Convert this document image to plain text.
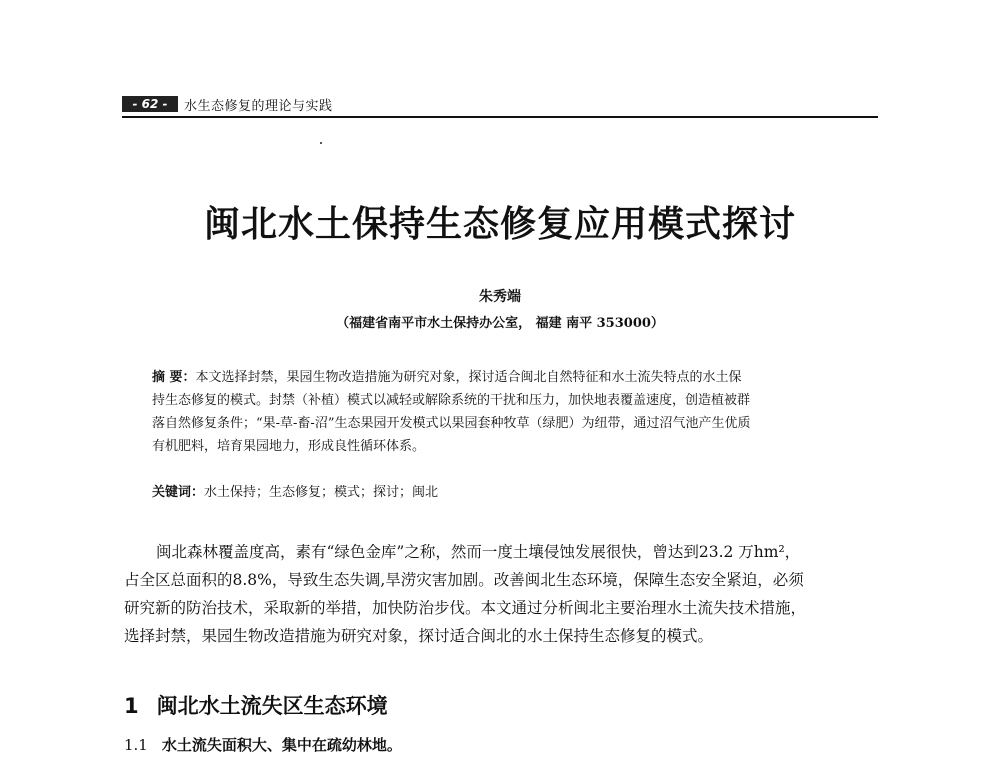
- 62 -	水生态修复的理论与实践
闽北水土保持生态修复应用模式探讨
朱秀端
（福建省南平市水土保持办公室， 福建 南平 353000）
摘 要：本文选择封禁，果园生物改造措施为研究对象，探讨适合闽北自然特征和水土流失特点的水土保
持生态修复的模式。封禁（补植）模式以减轻或解除系统的干扰和压力，加快地表覆盖速度，创造植被群
落自然修复条件；“果-草-畜-沼”生态果园开发模式以果园套种牧草（绿肥）为纽带，通过沼气池产生优质
有机肥料，培育果园地力，形成良性循环体系。
关键词：水土保持；生态修复；模式；探讨；闽北
闽北森林覆盖度高，素有“绿色金库”之称，然而一度土壤侵蚀发展很快，曾达到23.2 万hm²，
占全区总面积的8.8%，导致生态失调,旱涝灾害加剧。改善闽北生态环境，保障生态安全紧迫，必须
研究新的防治技术，采取新的举措，加快防治步伐。本文通过分析闽北主要治理水土流失技术措施，
选择封禁，果园生物改造措施为研究对象，探讨适合闽北的水土保持生态修复的模式。
1 闽北水土流失区生态环境
1.1 水土流失面积大、集中在疏幼林地。
